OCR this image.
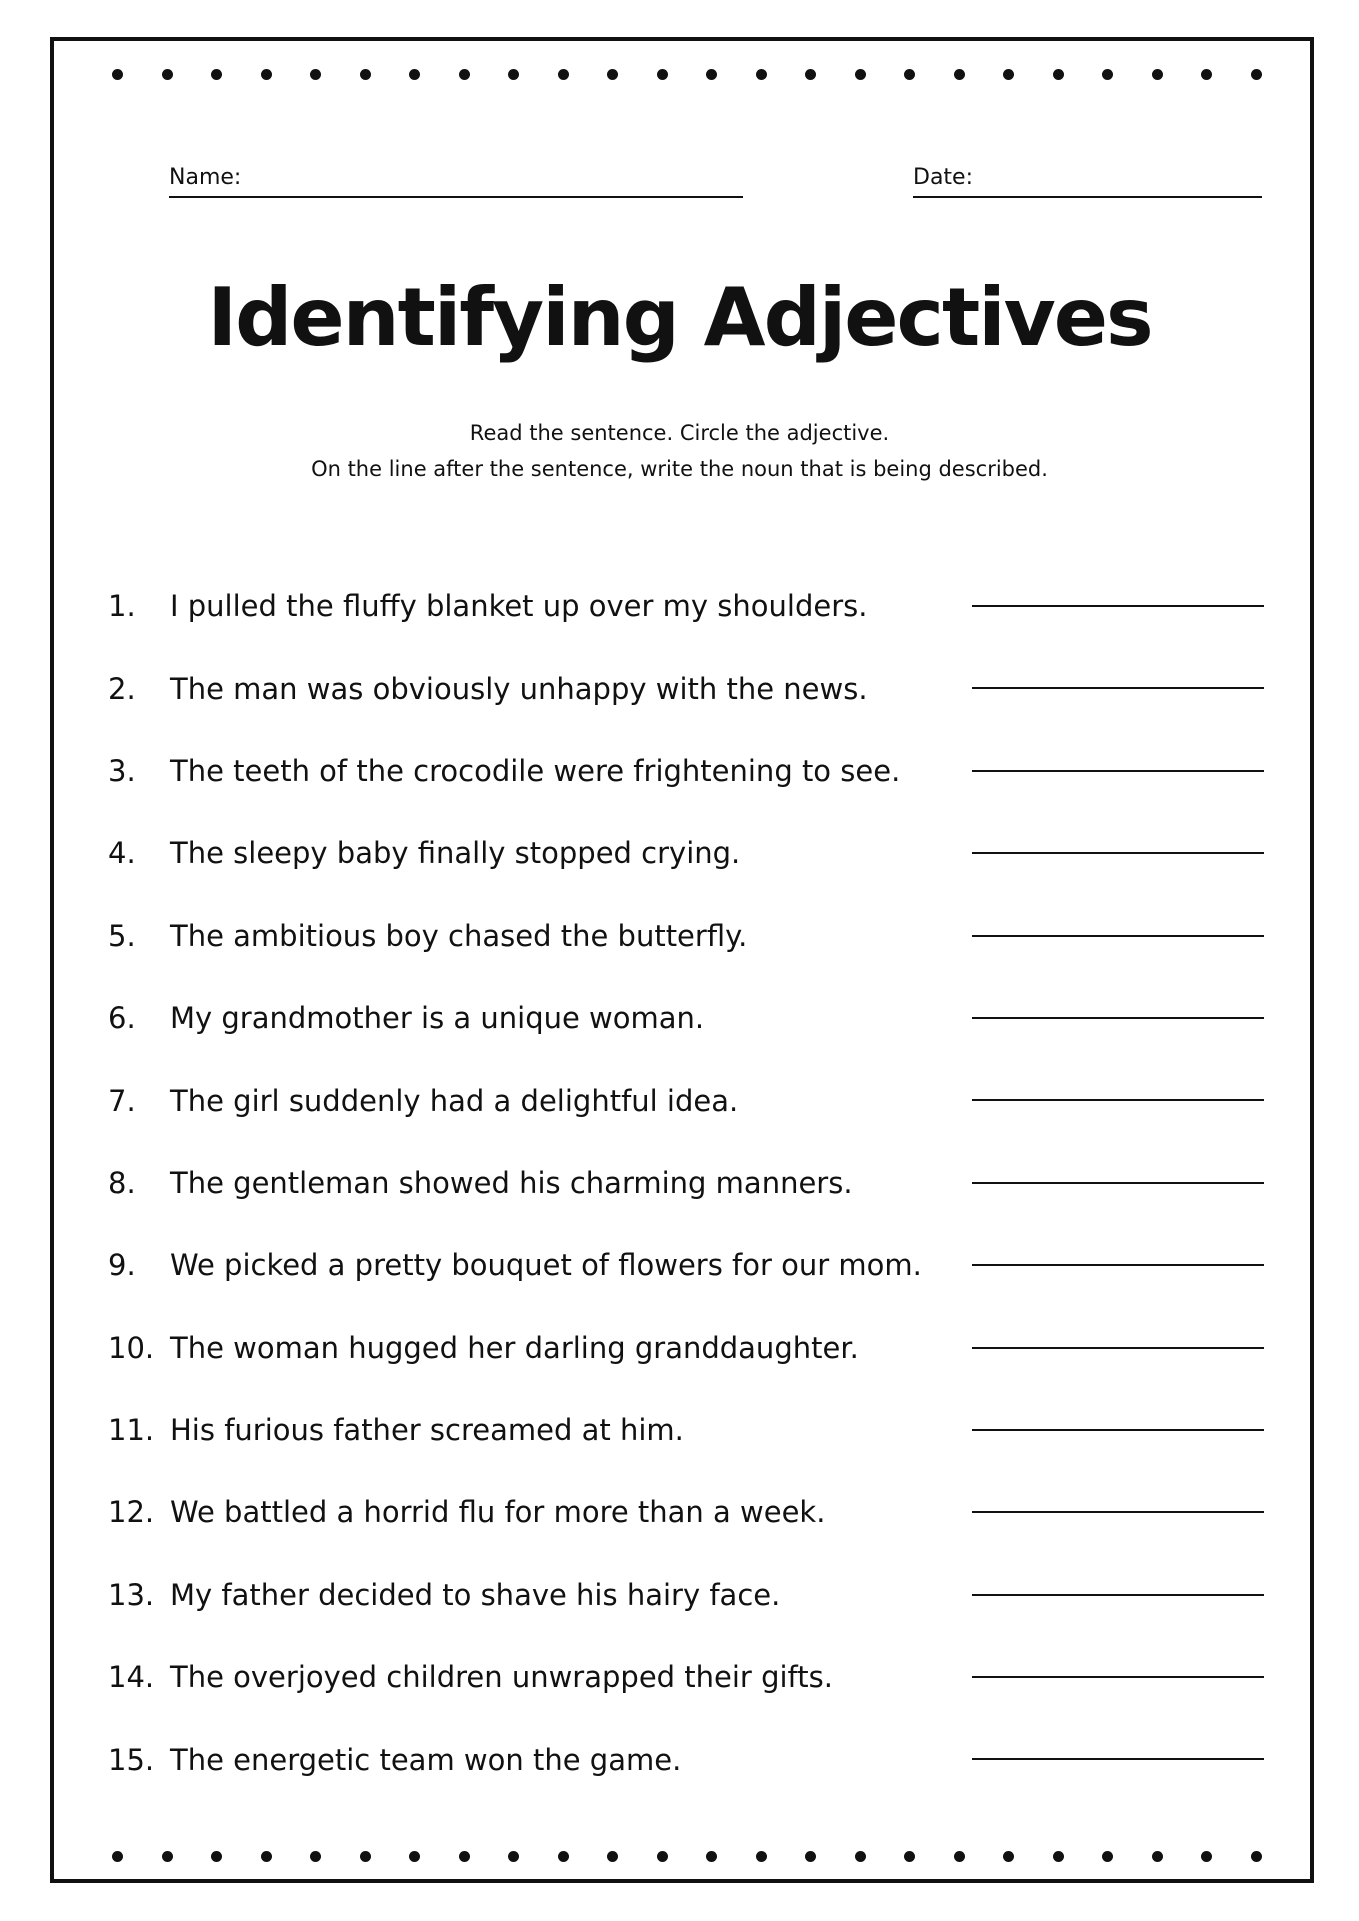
Name:	Date:
Identifying Adjectives
Read the sentence. Circle the adjective.
On the line after the sentence, write the noun that is being described.
1.	I pulled the fluffy blanket up over my shoulders.
2.	The man was obviously unhappy with the news.
3.	The teeth of the crocodile were frightening to see.
4.	The sleepy baby finally stopped crying.
5.	The ambitious boy chased the butterfly.
6.	My grandmother is a unique woman.
7.	The girl suddenly had a delightful idea.
8.	The gentleman showed his charming manners.
9.	We picked a pretty bouquet of flowers for our mom.
10. The woman hugged her darling granddaughter.
11. His furious father screamed at him.
12. We battled a horrid flu for more than a week.
13. My father decided to shave his hairy face.
14. The overjoyed children unwrapped their gifts.
15. The energetic team won the game.
